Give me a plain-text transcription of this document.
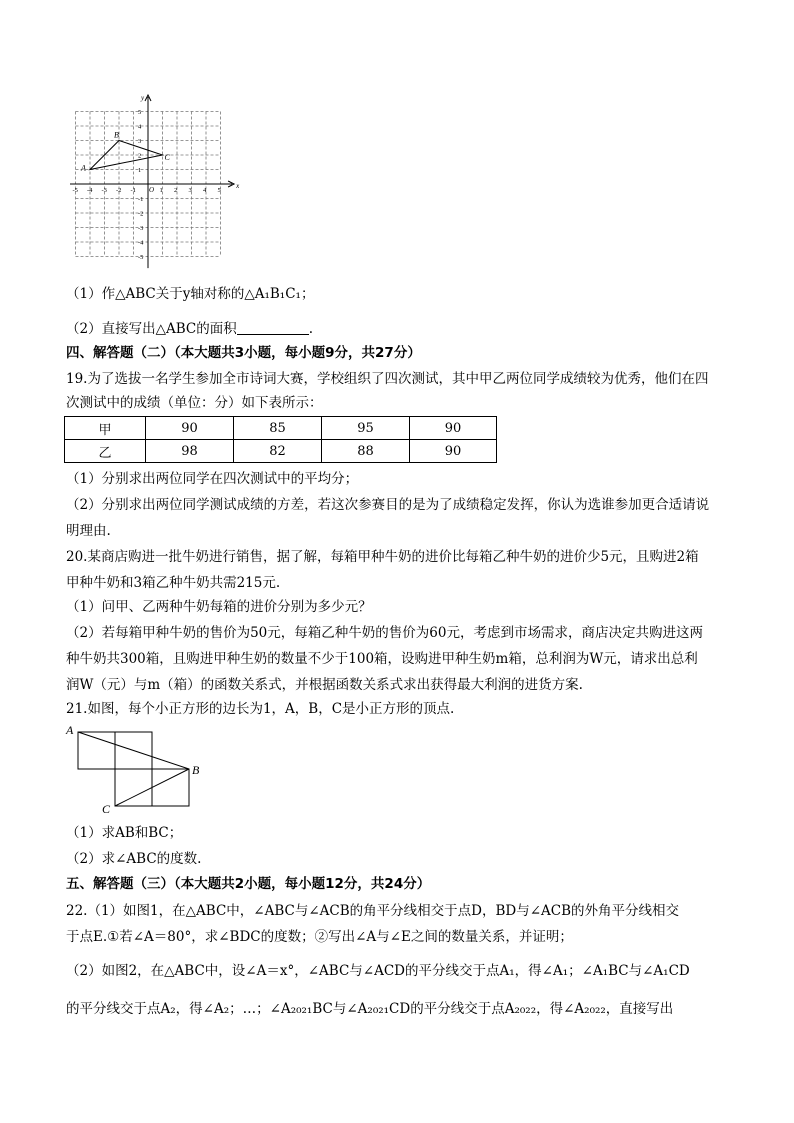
x
y
O
-5 -4 -3 -2 -1	1 2 3 4 5
5
4
3
2
1
-1
-2
-3
-4
-5
A
B
C
（1）作△ABC关于y轴对称的△A₁B₁C₁；
（2）直接写出△ABC的面积	.
四、解答题（二）（本大题共3小题，每小题9分，共27分）
19.为了选拔一名学生参加全市诗词大赛，学校组织了四次测试，其中甲乙两位同学成绩较为优秀，他们在四
次测试中的成绩（单位：分）如下表所示：
甲	90	85	95	90
乙	98	82	88	90
（1）分别求出两位同学在四次测试中的平均分；
（2）分别求出两位同学测试成绩的方差，若这次参赛目的是为了成绩稳定发挥，你认为选谁参加更合适请说
明理由.
20.某商店购进一批牛奶进行销售，据了解，每箱甲种牛奶的进价比每箱乙种牛奶的进价少5元，且购进2箱
甲种牛奶和3箱乙种牛奶共需215元.
（1）问甲、乙两种牛奶每箱的进价分别为多少元？
（2）若每箱甲种牛奶的售价为50元，每箱乙种牛奶的售价为60元，考虑到市场需求，商店决定共购进这两
种牛奶共300箱，且购进甲种生奶的数量不少于100箱，设购进甲种生奶m箱，总利润为W元，请求出总利
润W（元）与m（箱）的函数关系式，并根据函数关系式求出获得最大利润的进货方案.
21.如图，每个小正方形的边长为1，A，B，C是小正方形的顶点.
A
B
C
（1）求AB和BC；
（2）求∠ABC的度数.
五、解答题（三）（本大题共2小题，每小题12分，共24分）
22.（1）如图1，在△ABC中，∠ABC与∠ACB的角平分线相交于点D，BD与∠ACB的外角平分线相交
于点E.①若∠A＝80°，求∠BDC的度数；②写出∠A与∠E之间的数量关系，并证明；
（2）如图2，在△ABC中，设∠A＝x°，∠ABC与∠ACD的平分线交于点A₁，得∠A₁；∠A₁BC与∠A₁CD
的平分线交于点A₂，得∠A₂；…；∠A₂₀₂₁BC与∠A₂₀₂₁CD的平分线交于点A₂₀₂₂，得∠A₂₀₂₂，直接写出
